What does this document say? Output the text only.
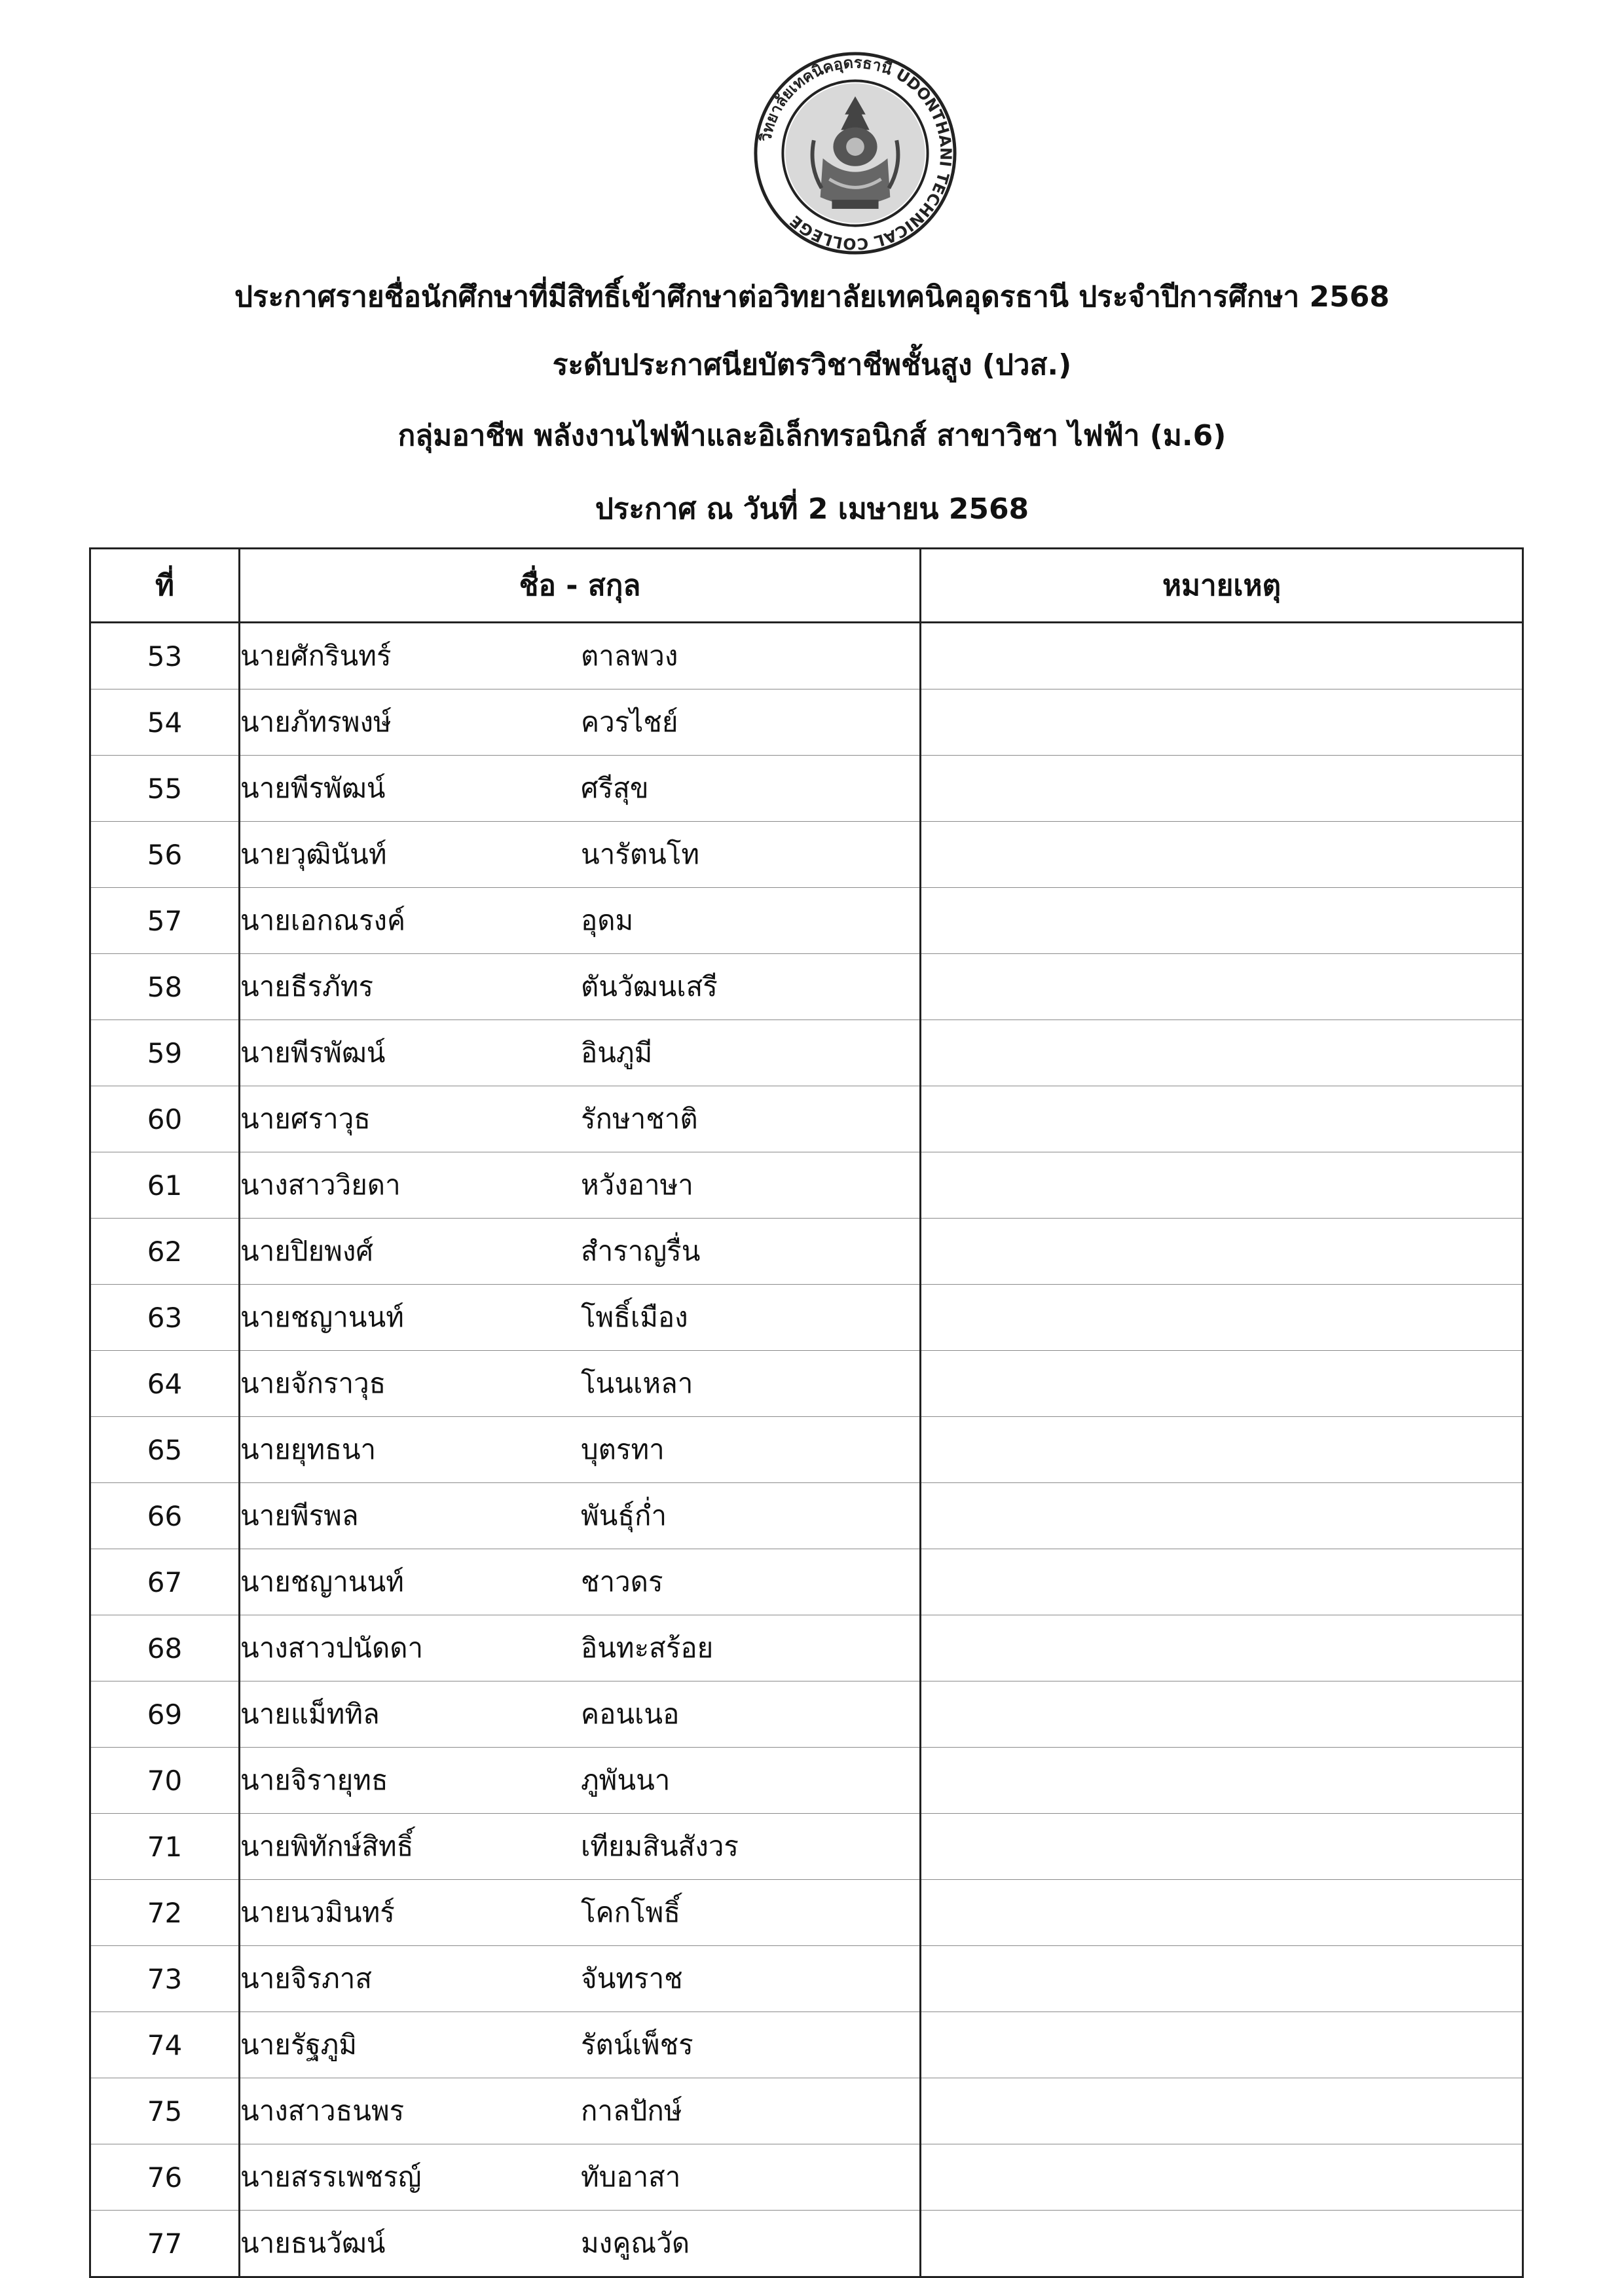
วิทยาลัยเทคนิคอุดรธานี UDONTHANI TECHNICAL COLLEGE
ประกาศรายชื่อนักศึกษาที่มีสิทธิ์เข้าศึกษาต่อวิทยาลัยเทคนิคอุดรธานี ประจำปีการศึกษา 2568
ระดับประกาศนียบัตรวิชาชีพชั้นสูง (ปวส.)
กลุ่มอาชีพ พลังงานไฟฟ้าและอิเล็กทรอนิกส์ สาขาวิชา ไฟฟ้า (ม.6)
ประกาศ ณ วันที่ 2 เมษายน 2568
ที่	ชื่อ - สกุล	หมายเหตุ
53	นายศักรินทร์ ตาลพวง	
54	นายภัทรพงษ์ ควรไชย์	
55	นายพีรพัฒน์ ศรีสุข	
56	นายวุฒินันท์ นารัตนโท	
57	นายเอกณรงค์ อุดม	
58	นายธีรภัทร ตันวัฒนเสรี	
59	นายพีรพัฒน์ อินภูมี	
60	นายศราวุธ รักษาชาติ	
61	นางสาววิยดา หวังอาษา	
62	นายปิยพงศ์ สำราญรื่น	
63	นายชญานนท์ โพธิ์เมือง	
64	นายจักราวุธ โนนเหลา	
65	นายยุทธนา บุตรทา	
66	นายพีรพล พันธุ์กํ่า	
67	นายชญานนท์ ชาวดร	
68	นางสาวปนัดดา อินทะสร้อย	
69	นายแม็ททิล คอนเนอ	
70	นายจิรายุทธ ภูพันนา	
71	นายพิทักษ์สิทธิ์ เทียมสินสังวร	
72	นายนวมินทร์ โคกโพธิ์	
73	นายจิรภาส จันทราช	
74	นายรัฐภูมิ รัตน์เพ็ชร	
75	นางสาวธนพร กาลปักษ์	
76	นายสรรเพชรญ์ ทับอาสา	
77	นายธนวัฒน์ มงคูณวัด	
